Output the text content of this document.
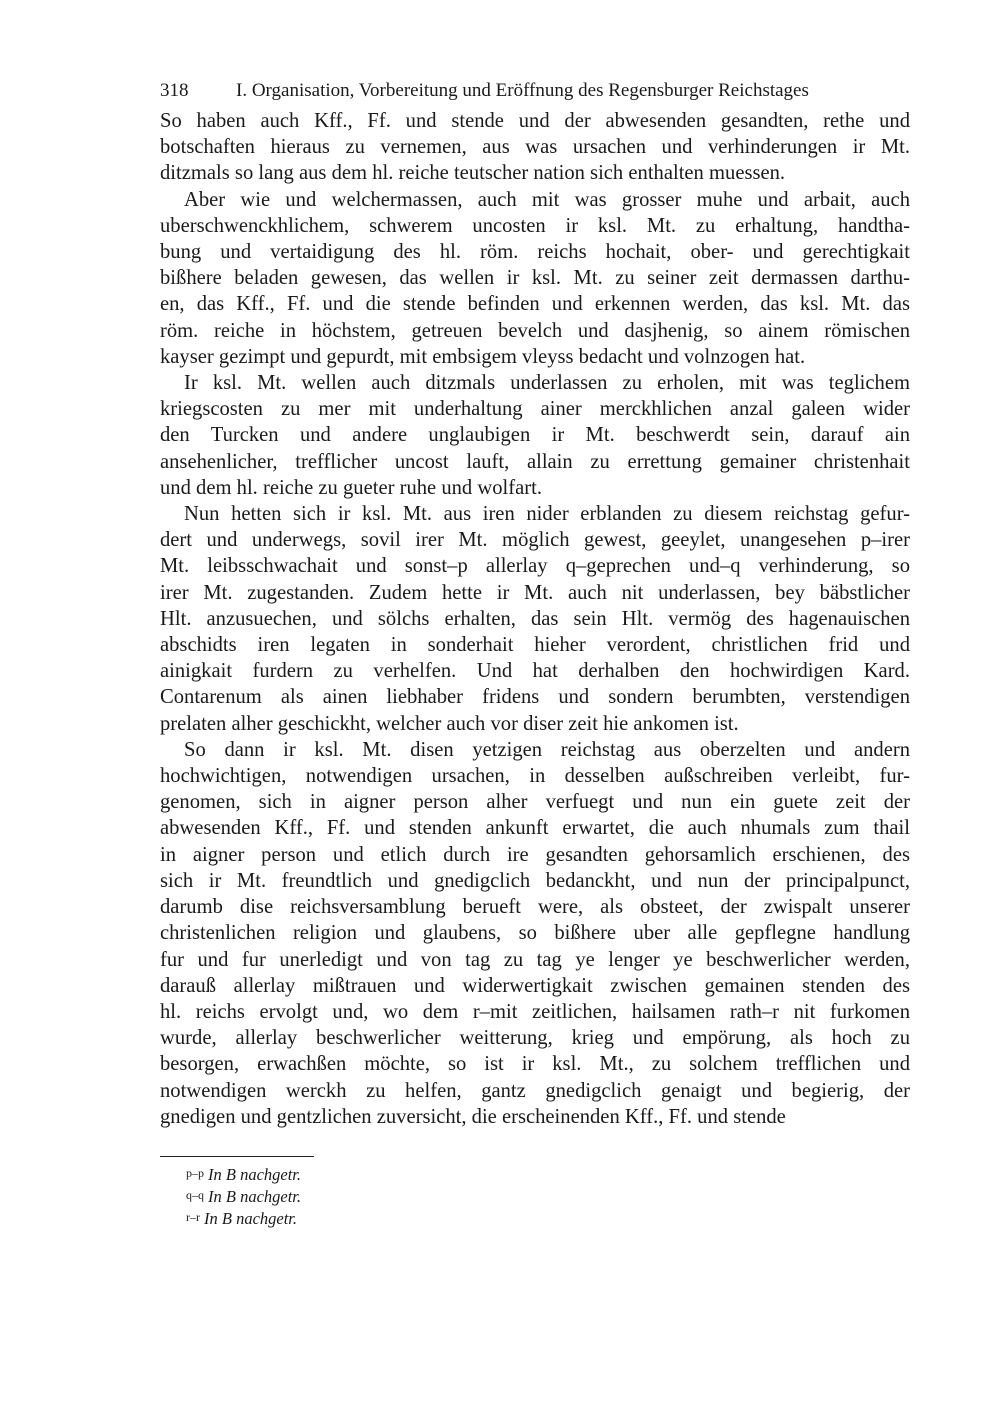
318	I. Organisation, Vorbereitung und Eröffnung des Regensburger Reichstages

So haben auch Kff., Ff. und stende und der abwesenden gesandten, rethe und
botschaften hieraus zu vernemen, aus was ursachen und verhinderungen ir Mt.
ditzmals so lang aus dem hl. reiche teutscher nation sich enthalten muessen.

Aber wie und welchermassen, auch mit was grosser muhe und arbait, auch
uberschwenckhlichem, schwerem uncosten ir ksl. Mt. zu erhaltung, handtha-
bung und vertaidigung des hl. röm. reichs hochait, ober- und gerechtigkait
bißhere beladen gewesen, das wellen ir ksl. Mt. zu seiner zeit dermassen darthu-
en, das Kff., Ff. und die stende befinden und erkennen werden, das ksl. Mt. das
röm. reiche in höchstem, getreuen bevelch und dasjhenig, so ainem römischen
kayser gezimpt und gepurdt, mit embsigem vleyss bedacht und volnzogen hat.

Ir ksl. Mt. wellen auch ditzmals underlassen zu erholen, mit was teglichem
kriegscosten zu mer mit underhaltung ainer merckhlichen anzal galeen wider
den Turcken und andere unglaubigen ir Mt. beschwerdt sein, darauf ain
ansehenlicher, trefflicher uncost lauft, allain zu errettung gemainer christenhait
und dem hl. reiche zu gueter ruhe und wolfart.

Nun hetten sich ir ksl. Mt. aus iren nider erblanden zu diesem reichstag gefur-
dert und underwegs, sovil irer Mt. möglich gewest, geeylet, unangesehen p–irer
Mt. leibsschwachait und sonst–p allerlay q–geprechen und–q verhinderung, so
irer Mt. zugestanden. Zudem hette ir Mt. auch nit underlassen, bey bäbstlicher
Hlt. anzusuechen, und sölchs erhalten, das sein Hlt. vermög des hagenauischen
abschidts iren legaten in sonderhait hieher verordent, christlichen frid und
ainigkait furdern zu verhelfen. Und hat derhalben den hochwirdigen Kard.
Contarenum als ainen liebhaber fridens und sondern berumbten, verstendigen
prelaten alher geschickht, welcher auch vor diser zeit hie ankomen ist.

So dann ir ksl. Mt. disen yetzigen reichstag aus oberzelten und andern
hochwichtigen, notwendigen ursachen, in desselben außschreiben verleibt, fur-
genomen, sich in aigner person alher verfuegt und nun ein guete zeit der
abwesenden Kff., Ff. und stenden ankunft erwartet, die auch nhumals zum thail
in aigner person und etlich durch ire gesandten gehorsamlich erschienen, des
sich ir Mt. freundtlich und gnedigclich bedanckht, und nun der principalpunct,
darumb dise reichsversamblung berueft were, als obsteet, der zwispalt unserer
christenlichen religion und glaubens, so bißhere uber alle gepflegne handlung
fur und fur unerledigt und von tag zu tag ye lenger ye beschwerlicher werden,
darauß allerlay mißtrauen und widerwertigkait zwischen gemainen stenden des
hl. reichs ervolgt und, wo dem r–mit zeitlichen, hailsamen rath–r nit furkomen
wurde, allerlay beschwerlicher weitterung, krieg und empörung, als hoch zu
besorgen, erwachßen möchte, so ist ir ksl. Mt., zu solchem trefflichen und
notwendigen werckh zu helfen, gantz gnedigclich genaigt und begierig, der
gnedigen und gentzlichen zuversicht, die erscheinenden Kff., Ff. und stende

p–p In B nachgetr.
q–q In B nachgetr.
r–r In B nachgetr.
